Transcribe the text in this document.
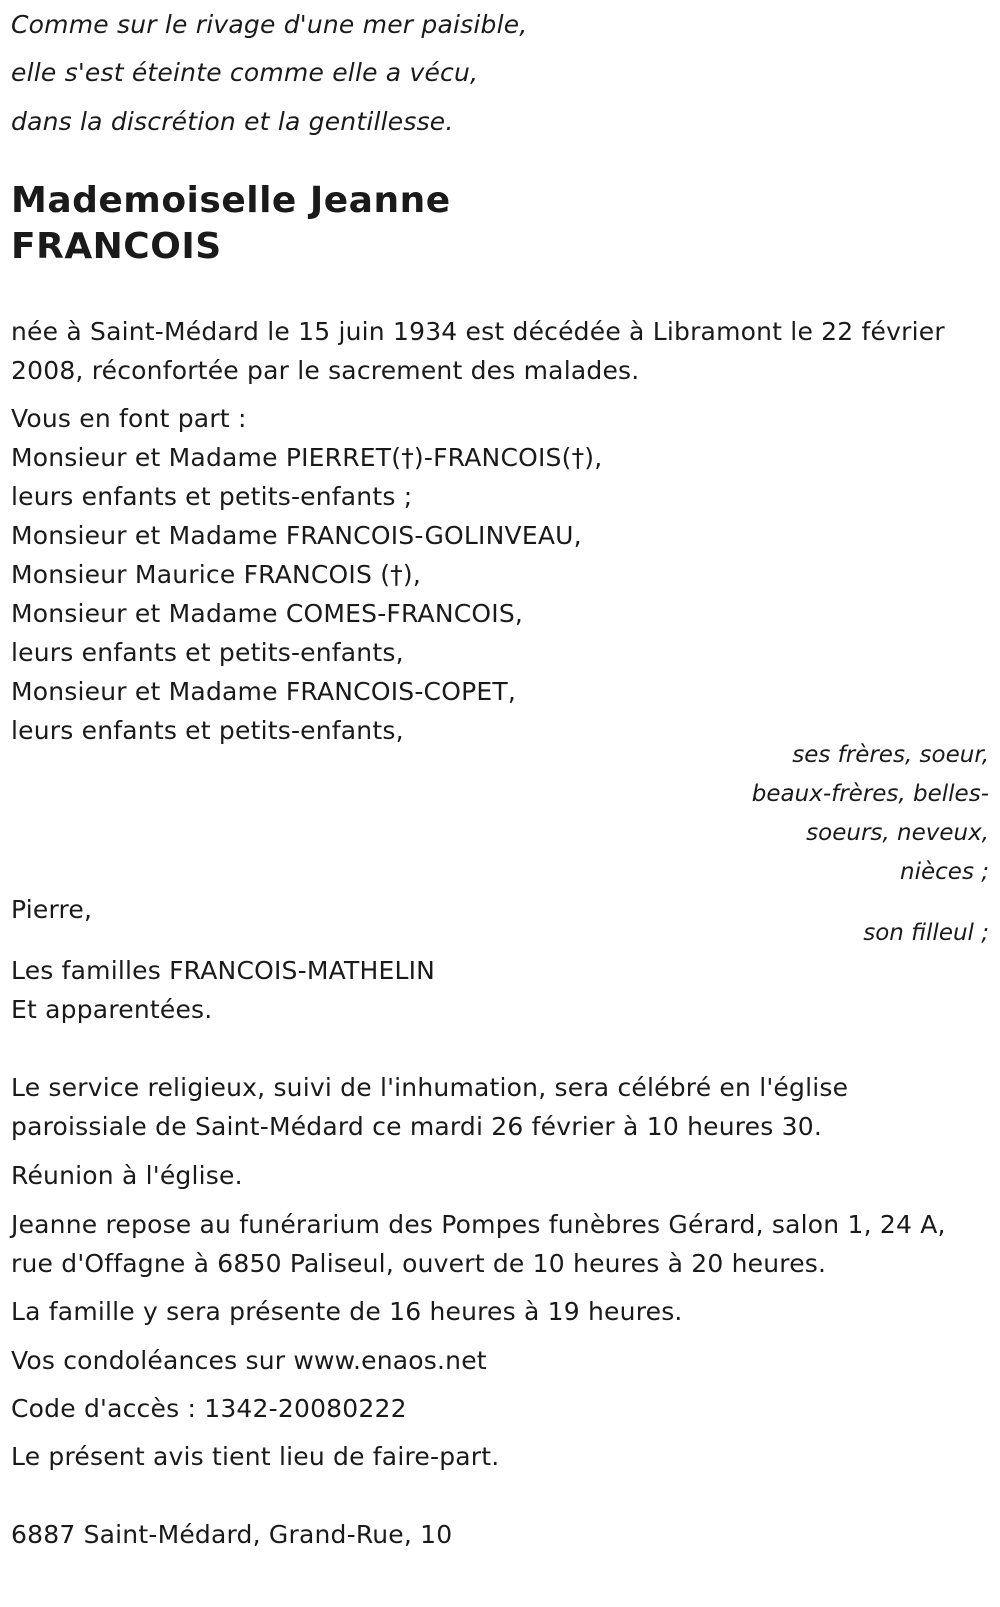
Comme sur le rivage d'une mer paisible,
elle s'est éteinte comme elle a vécu,
dans la discrétion et la gentillesse.
Mademoiselle Jeanne
FRANCOIS
née à Saint-Médard le 15 juin 1934 est décédée à Libramont le 22 février
2008, réconfortée par le sacrement des malades.
Vous en font part :
Monsieur et Madame PIERRET(†)-FRANCOIS(†),
leurs enfants et petits-enfants ;
Monsieur et Madame FRANCOIS-GOLINVEAU,
Monsieur Maurice FRANCOIS (†),
Monsieur et Madame COMES-FRANCOIS,
leurs enfants et petits-enfants,
Monsieur et Madame FRANCOIS-COPET,
leurs enfants et petits-enfants,
ses frères, soeur,
beaux-frères, belles-
soeurs, neveux,
nièces ;
Pierre,
son filleul ;
Les familles FRANCOIS-MATHELIN
Et apparentées.
Le service religieux, suivi de l'inhumation, sera célébré en l'église
paroissiale de Saint-Médard ce mardi 26 février à 10 heures 30.
Réunion à l'église.
Jeanne repose au funérarium des Pompes funèbres Gérard, salon 1, 24 A,
rue d'Offagne à 6850 Paliseul, ouvert de 10 heures à 20 heures.
La famille y sera présente de 16 heures à 19 heures.
Vos condoléances sur www.enaos.net
Code d'accès : 1342-20080222
Le présent avis tient lieu de faire-part.
6887 Saint-Médard, Grand-Rue, 10
